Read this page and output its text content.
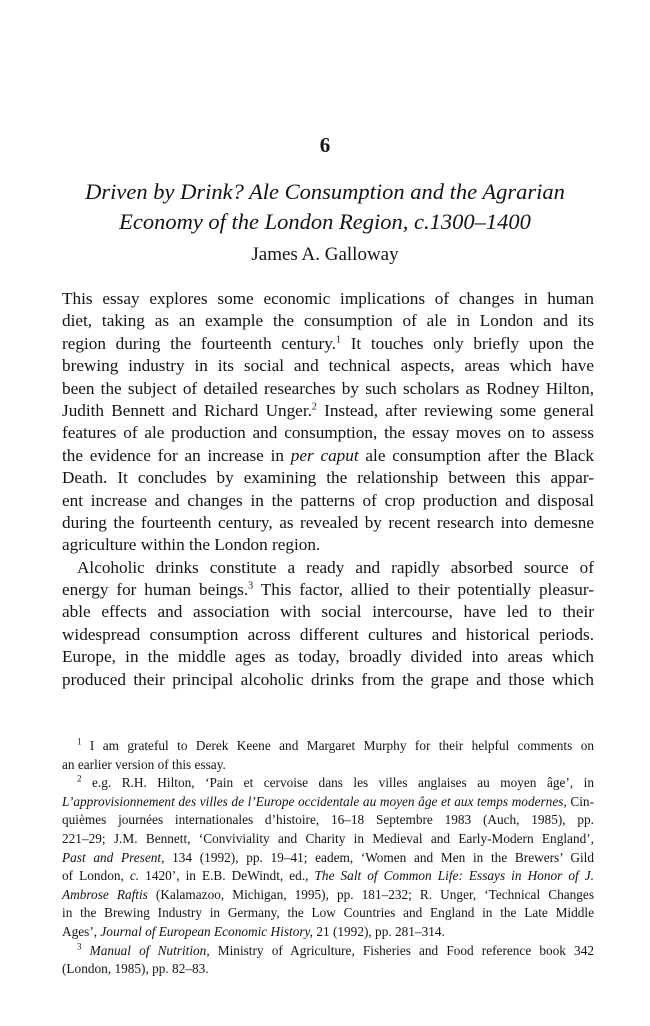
6
Driven by Drink? Ale Consumption and the Agrarian
Economy of the London Region, c.1300–1400
James A. Galloway
This essay explores some economic implications of changes in human
diet, taking as an example the consumption of ale in London and its
region during the fourteenth century.$^1$ It touches only briefly upon the
brewing industry in its social and technical aspects, areas which have
been the subject of detailed researches by such scholars as Rodney Hilton,
Judith Bennett and Richard Unger.$^2$ Instead, after reviewing some general
features of ale production and consumption, the essay moves on to assess
the evidence for an increase in per caput ale consumption after the Black
Death. It concludes by examining the relationship between this appar-
ent increase and changes in the patterns of crop production and disposal
during the fourteenth century, as revealed by recent research into demesne
agriculture within the London region.
Alcoholic drinks constitute a ready and rapidly absorbed source of
energy for human beings.$^3$ This factor, allied to their potentially pleasur-
able effects and association with social intercourse, have led to their
widespread consumption across different cultures and historical periods.
Europe, in the middle ages as today, broadly divided into areas which
produced their principal alcoholic drinks from the grape and those which
$^1$ I am grateful to Derek Keene and Margaret Murphy for their helpful comments on
an earlier version of this essay.
$^2$ e.g. R.H. Hilton, ‘Pain et cervoise dans les villes anglaises au moyen âge’, in
L’approvisionnement des villes de l’Europe occidentale au moyen âge et aux temps modernes, Cin-
quièmes journées internationales d’histoire, 16–18 Septembre 1983 (Auch, 1985), pp.
221–29; J.M. Bennett, ‘Conviviality and Charity in Medieval and Early-Modern England’,
Past and Present, 134 (1992), pp. 19–41; eadem, ‘Women and Men in the Brewers’ Gild
of London, c. 1420’, in E.B. DeWindt, ed., The Salt of Common Life: Essays in Honor of J.
Ambrose Raftis (Kalamazoo, Michigan, 1995), pp. 181–232; R. Unger, ‘Technical Changes
in the Brewing Industry in Germany, the Low Countries and England in the Late Middle
Ages’, Journal of European Economic History, 21 (1992), pp. 281–314.
$^3$ Manual of Nutrition, Ministry of Agriculture, Fisheries and Food reference book 342
(London, 1985), pp. 82–83.
